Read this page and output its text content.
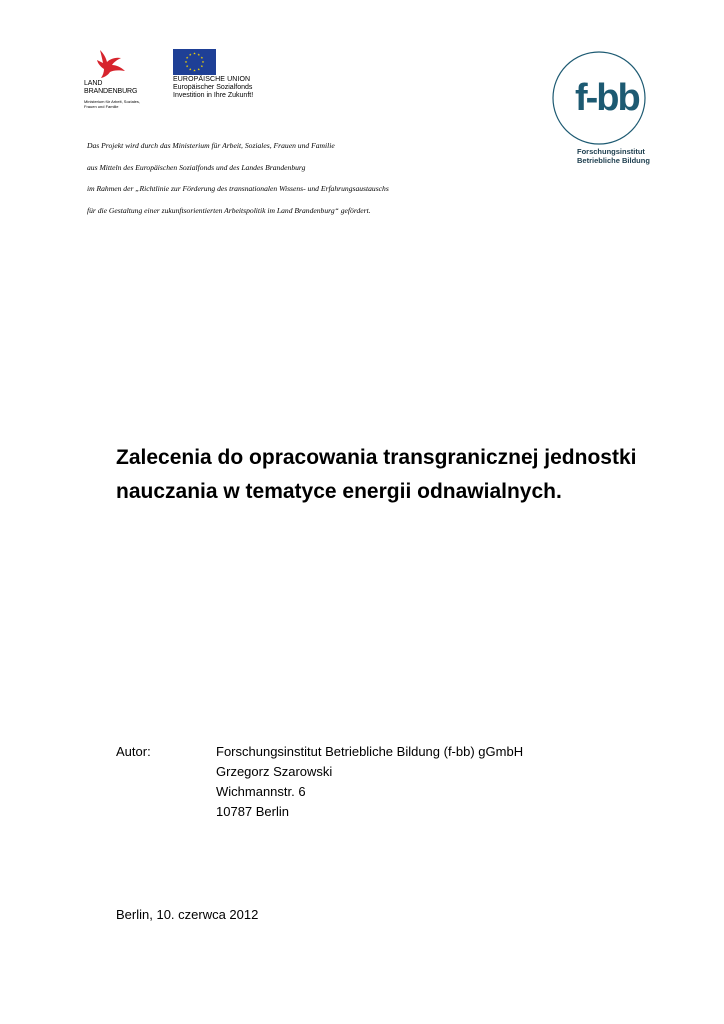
LAND
BRANDENBURG
Ministerium für Arbeit, Soziales,
Frauen und Familie
EUROPÄISCHE UNION
Europäischer Sozialfonds
Investition in Ihre Zukunft!	f-bb
Forschungsinstitut
Betriebliche Bildung

Das Projekt wird durch das Ministerium für Arbeit, Soziales, Frauen und Familie

aus Mitteln des Europäischen Sozialfonds und des Landes Brandenburg

im Rahmen der „Richtlinie zur Förderung des transnationalen Wissens- und Erfahrungsaustauschs

für die Gestaltung einer zukunftsorientierten Arbeitspolitik im Land Brandenburg“ gefördert.

Zalecenia do opracowania transgranicznej jednostki
nauczania w tematyce energii odnawialnych.
Autor:	Forschungsinstitut Betriebliche Bildung (f-bb) gGmbH
Grzegorz Szarowski
Wichmannstr. 6
10787 Berlin
Berlin, 10. czerwca 2012
